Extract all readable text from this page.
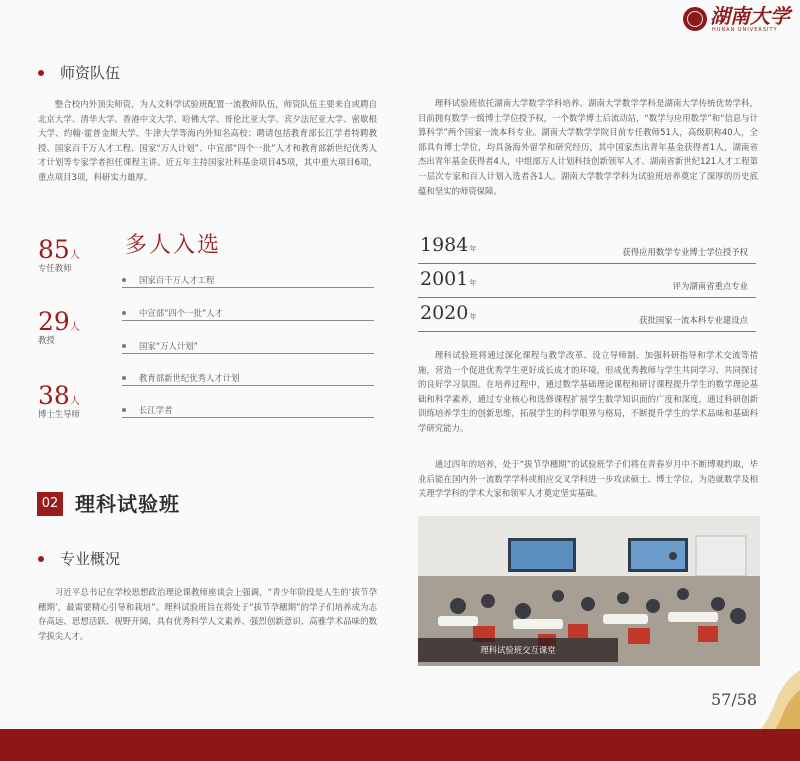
湖南大学
HUNAN UNIVERSITY
师资队伍

整合校内外顶尖师资，为人文科学试验班配置一流教师队伍，师资队伍主要来自或聘自北京大学、清华大学、香港中文大学、哈佛大学、哥伦比亚大学、宾夕法尼亚大学、密歇根大学、约翰·霍普金斯大学、牛津大学等海内外知名高校；聘请包括教育部长江学者特聘教授、国家百千万人才工程、国家“万人计划”、中宣部“四个一批”人才和教育部新世纪优秀人才计划等专家学者担任课程主讲。近五年主持国家社科基金项目45项，其中重大项目6项，重点项目3项，科研实力雄厚。

85人
专任教师
29人
教授
38人
博士生导师
多人入选
国家百千万人才工程
中宣部“四个一批”人才
国家“万人计划”
教育部新世纪优秀人才计划
长江学者
02 理科试验班
专业概况

习近平总书记在学校思想政治理论课教师座谈会上强调，“青少年阶段是人生的‘拔节孕穗期’，最需要精心引导和栽培”。理科试验班旨在将处于“拔节孕穗期”的学子们培养成为志存高远、思想活跃、视野开阔，具有优秀科学人文素养、强烈创新意识、高雅学术品味的数学拔尖人才。

理科试验班依托湖南大学数学学科培养。湖南大学数学学科是湖南大学传统优势学科，目前拥有数学一级博士学位授予权，一个数学博士后流动站，“数学与应用数学”和“信息与计算科学”两个国家一流本科专业。湖南大学数学学院目前专任教师51人，高级职称40人，全部具有博士学位，均具备海外留学和研究经历，其中国家杰出青年基金获得者1人，湖南省杰出青年基金获得者4人，中组部万人计划科技创新领军人才、湖南省新世纪121人才工程第一层次专家和百人计划入选者各1人。湖南大学数学学科为试验班培养奠定了深厚的历史底蕴和坚实的师资保障。

1984年	获得应用数学专业博士学位授予权
2001年	评为湖南省重点专业
2020年	获批国家一流本科专业建设点

理科试验班将通过深化课程与教学改革、设立导师制、加强科研指导和学术交流等措施，营造一个促进优秀学生更好成长成才的环境，形成优秀教师与学生共同学习、共同探讨的良好学习氛围。在培养过程中，通过数学基础理论课程和研讨课程提升学生的数学理论基础和科学素养，通过专业核心和选修课程扩展学生数学知识面的广度和深度，通过科研创新训练培养学生的创新思维，拓展学生的科学眼界与格局，不断提升学生的学术品味和基础科学研究能力。

通过四年的培养，处于“拔节孕穗期”的试验班学子们将在青春岁月中不断博观约取，毕业后能在国内外一流数学学科或相应交叉学科进一步攻读硕士、博士学位，为造就数学及相关理学学科的学术大家和领军人才奠定坚实基础。

理科试验班交互课堂
57/58
